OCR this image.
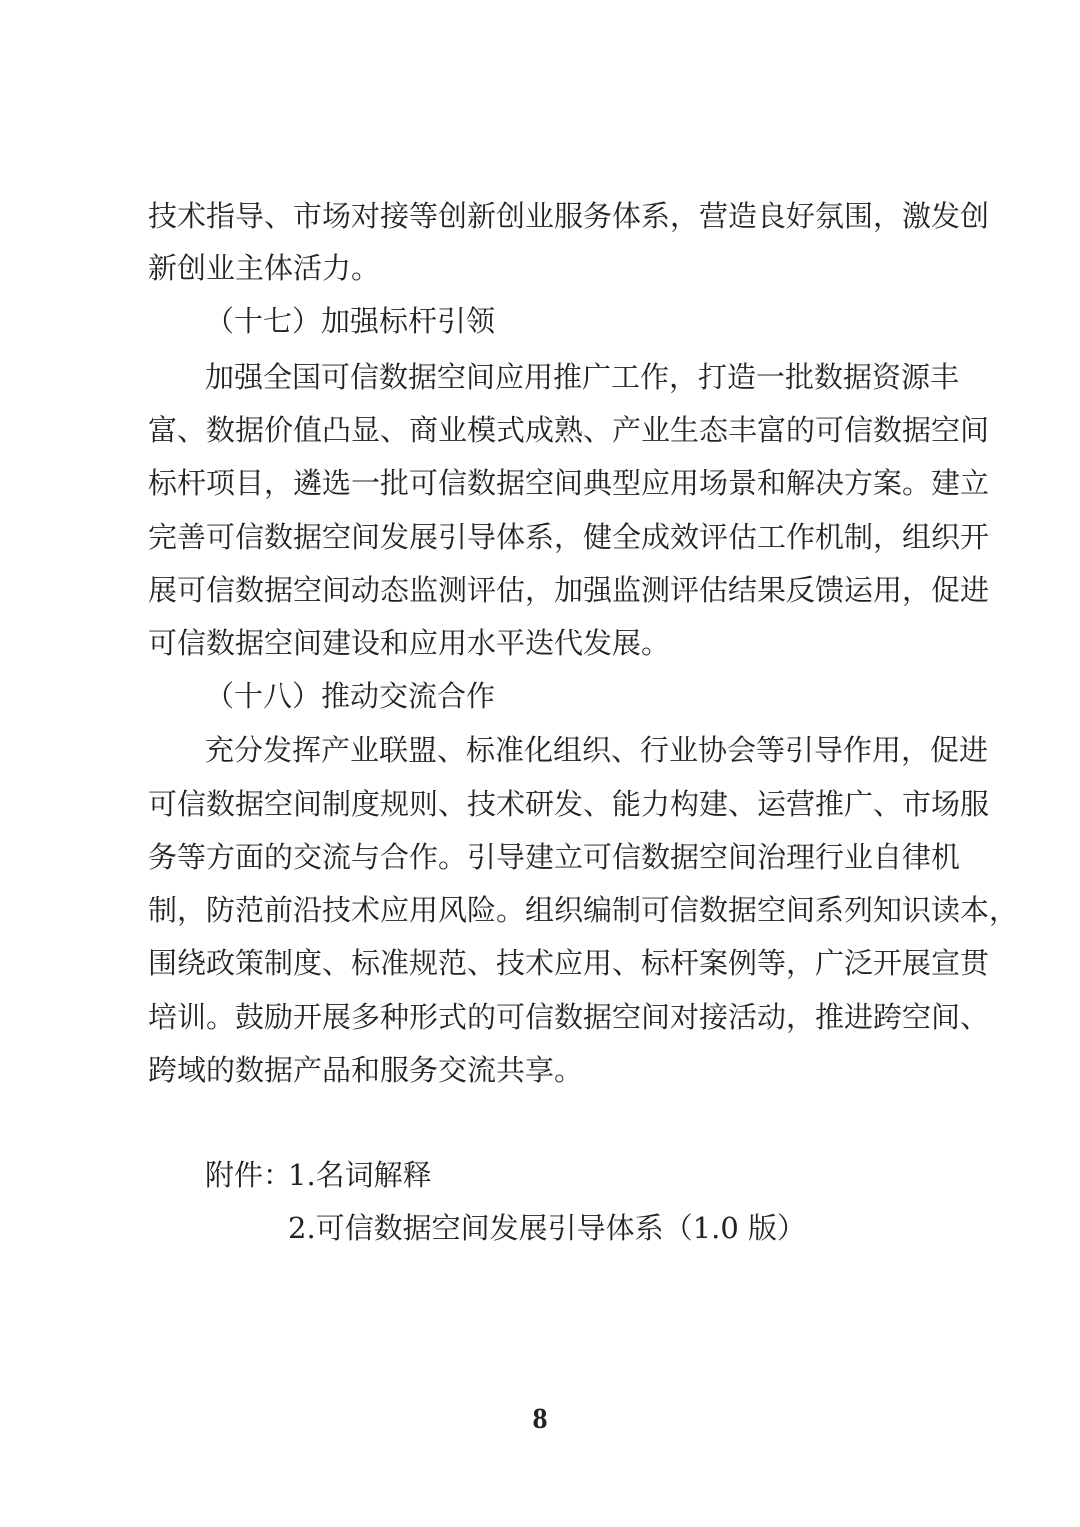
技术指导、市场对接等创新创业服务体系，营造良好氛围，激发创
新创业主体活力。
（十七）加强标杆引领
加强全国可信数据空间应用推广工作，打造一批数据资源丰
富、数据价值凸显、商业模式成熟、产业生态丰富的可信数据空间
标杆项目，遴选一批可信数据空间典型应用场景和解决方案。建立
完善可信数据空间发展引导体系，健全成效评估工作机制，组织开
展可信数据空间动态监测评估，加强监测评估结果反馈运用，促进
可信数据空间建设和应用水平迭代发展。
（十八）推动交流合作
充分发挥产业联盟、标准化组织、行业协会等引导作用，促进
可信数据空间制度规则、技术研发、能力构建、运营推广、市场服
务等方面的交流与合作。引导建立可信数据空间治理行业自律机
制，防范前沿技术应用风险。组织编制可信数据空间系列知识读本，
围绕政策制度、标准规范、技术应用、标杆案例等，广泛开展宣贯
培训。鼓励开展多种形式的可信数据空间对接活动，推进跨空间、
跨域的数据产品和服务交流共享。
附件：
1.名词解释
2.可信数据空间发展引导体系（1.0 版）
8
